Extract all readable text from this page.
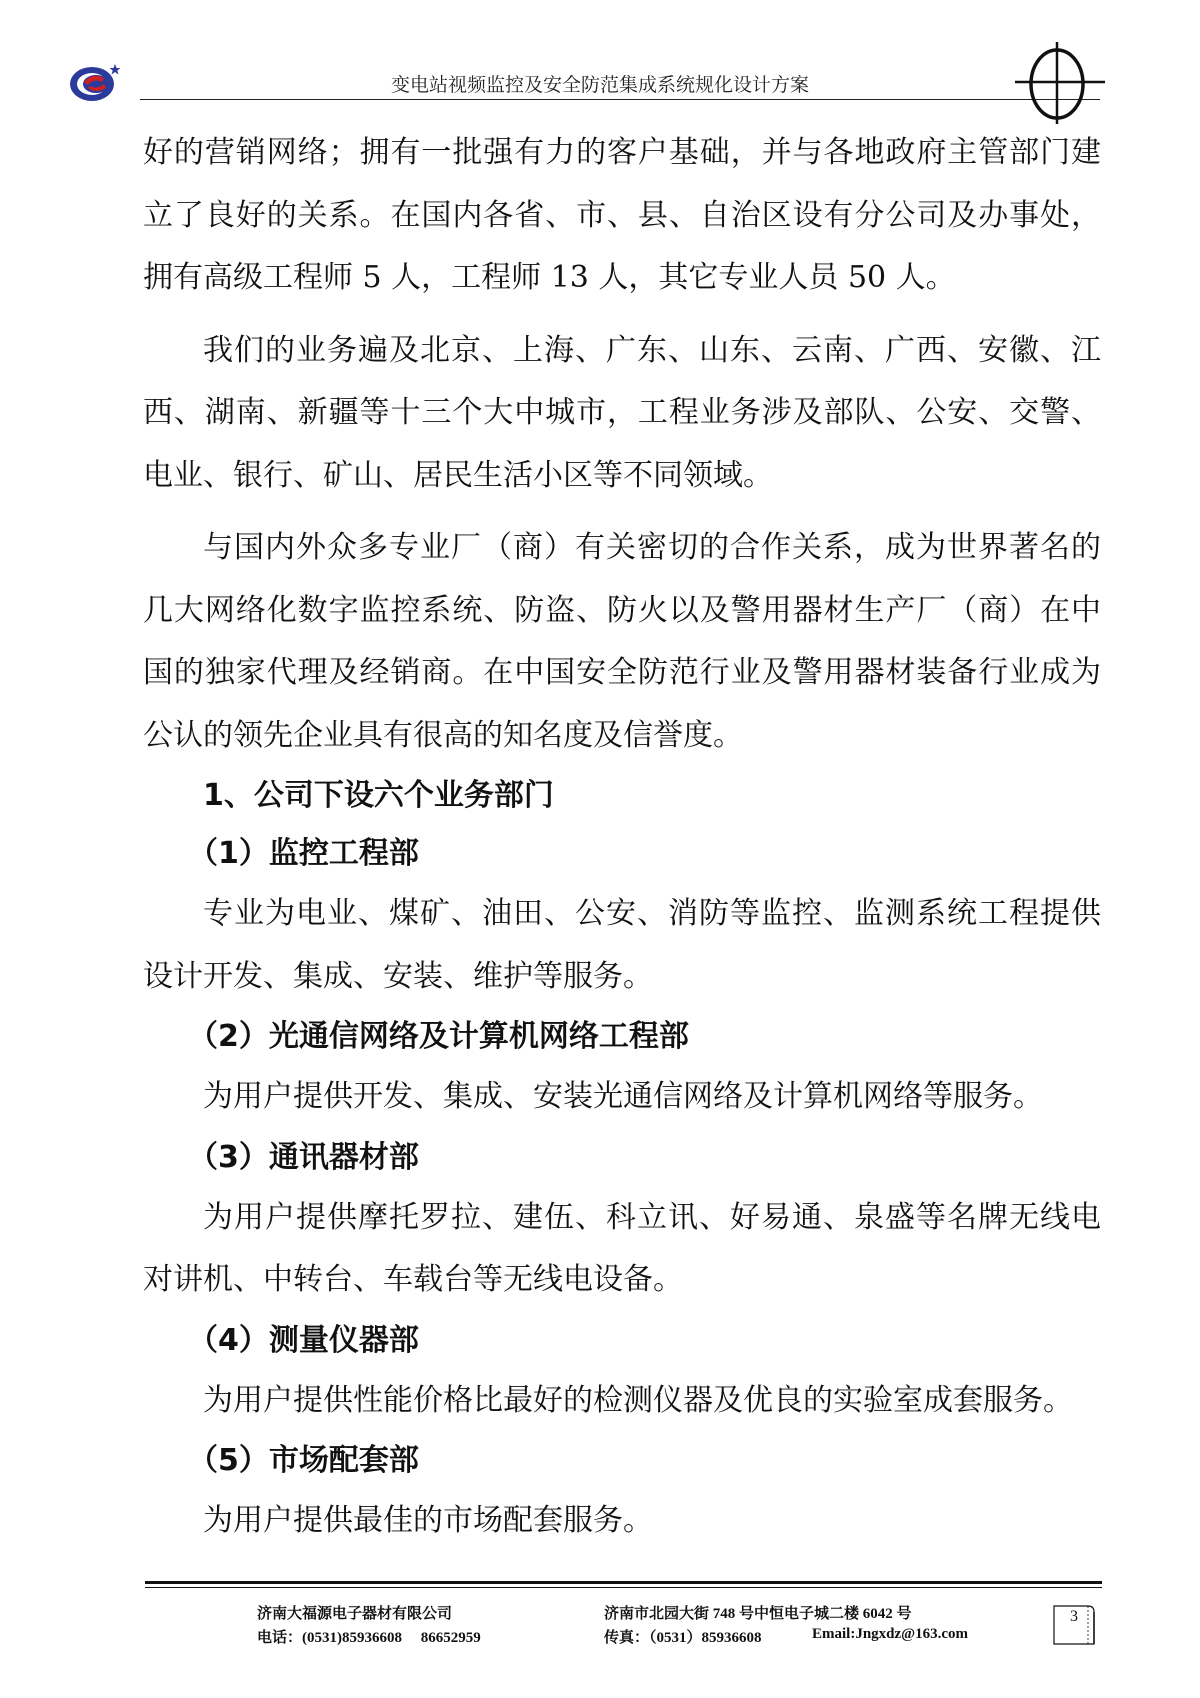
变电站视频监控及安全防范集成系统规化设计方案

好的营销网络；拥有一批强有力的客户基础，并与各地政府主管部门建立了良好的关系。在国内各省、市、县、自治区设有分公司及办事处，拥有高级工程师 5 人，工程师 13 人，其它专业人员 50 人。

我们的业务遍及北京、上海、广东、山东、云南、广西、安徽、江西、湖南、新疆等十三个大中城市，工程业务涉及部队、公安、交警、电业、银行、矿山、居民生活小区等不同领域。

与国内外众多专业厂（商）有关密切的合作关系，成为世界著名的几大网络化数字监控系统、防盗、防火以及警用器材生产厂（商）在中国的独家代理及经销商。在中国安全防范行业及警用器材装备行业成为公认的领先企业具有很高的知名度及信誉度。

1、公司下设六个业务部门

（1）监控工程部

专业为电业、煤矿、油田、公安、消防等监控、监测系统工程提供设计开发、集成、安装、维护等服务。

（2）光通信网络及计算机网络工程部

为用户提供开发、集成、安装光通信网络及计算机网络等服务。

（3）通讯器材部

为用户提供摩托罗拉、建伍、科立讯、好易通、泉盛等名牌无线电对讲机、中转台、车载台等无线电设备。

（4）测量仪器部

为用户提供性能价格比最好的检测仪器及优良的实验室成套服务。

（5）市场配套部

为用户提供最佳的市场配套服务。

济南大福源电子器材有限公司
电话：(0531)85936608　 86652959
济南市北园大街 748 号中恒电子城二楼 6042 号
传真：（0531）85936608	Email:Jngxdz@163.com
3
